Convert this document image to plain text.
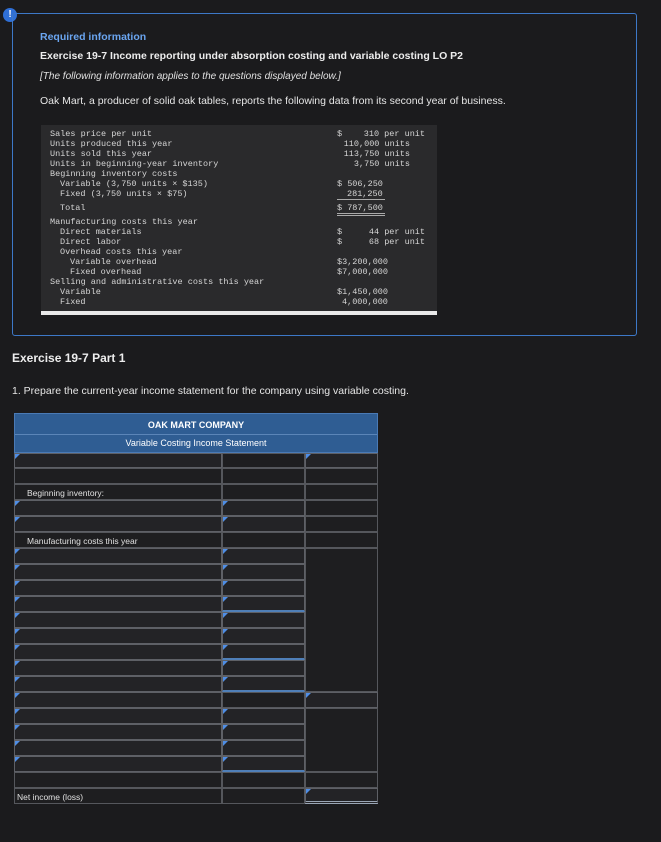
!
Required information
Exercise 19-7 Income reporting under absorption costing and variable costing LO P2
[The following information applies to the questions displayed below.]
Oak Mart, a producer of solid oak tables, reports the following data from its second year of business.
Sales price per unit
Units produced this year
Units sold this year
Units in beginning-year inventory
Beginning inventory costs
Variable (3,750 units × $135)
Fixed (3,750 units × $75)
Total
Manufacturing costs this year
Direct materials
Direct labor
Overhead costs this year
Variable overhead
Fixed overhead
Selling and administrative costs this year
Variable
Fixed
$
$
$
310 per unit
110,000 units
113,750 units
3,750 units
$ 506,250
281,250
$ 787,500
44 per unit
68 per unit
$3,200,000
$7,000,000
$1,450,000
4,000,000
Exercise 19-7 Part 1
1. Prepare the current-year income statement for the company using variable costing.
OAK MART COMPANY
Variable Costing Income Statement
Beginning inventory:
Manufacturing costs this year
Net income (loss)
